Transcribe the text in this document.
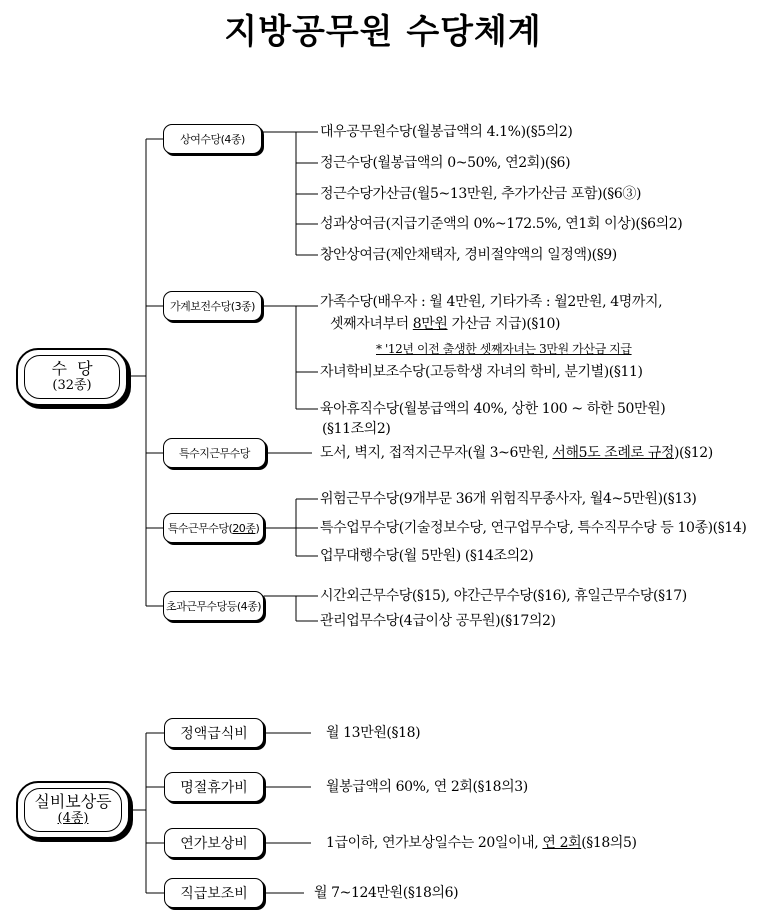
지방공무원 수당체계
수  당
(32종)
상여수당(4종)
가계보전수당(3종)
특수지근무수당
특수근무수당( 20종 )
초과근무수당등(4종)
대우공무원수당(월봉급액의 4.1%)(§5의2)
정근수당(월봉급액의 0~50%, 연2회)(§6)
정근수당가산금(월5~13만원, 추가가산금 포함)(§6③)
성과상여금(지급기준액의 0%~172.5%, 연1회 이상)(§6의2)
창안상여금(제안채택자, 경비절약액의 일정액)(§9)
가족수당(배우자 : 월 4만원, 기타가족 : 월2만원, 4명까지,
셋째자녀부터 8만원 가산금 지급)(§10)
* '12년 이전 출생한 셋째자녀는 3만원 가산금 지급
자녀학비보조수당(고등학생 자녀의 학비, 분기별)(§11)
육아휴직수당(월봉급액의 40%, 상한 100 ~ 하한 50만원)
(§11조의2)
도서, 벽지, 접적지근무자(월 3~6만원, 서해5도 조례로 규정)(§12)
위험근무수당(9개부문 36개 위험직무종사자, 월4~5만원)(§13)
특수업무수당(기술정보수당, 연구업무수당, 특수직무수당 등 10종)(§14)
업무대행수당(월 5만원) (§14조의2)
시간외근무수당(§15), 야간근무수당(§16), 휴일근무수당(§17)
관리업무수당(4급이상 공무원)(§17의2)
실비보상등
(4종)
정액급식비
명절휴가비
연가보상비
직급보조비
월 13만원(§18)
월봉급액의 60%, 연 2회(§18의3)
1급이하, 연가보상일수는 20일이내, 연 2회(§18의5)
월 7~124만원(§18의6)
